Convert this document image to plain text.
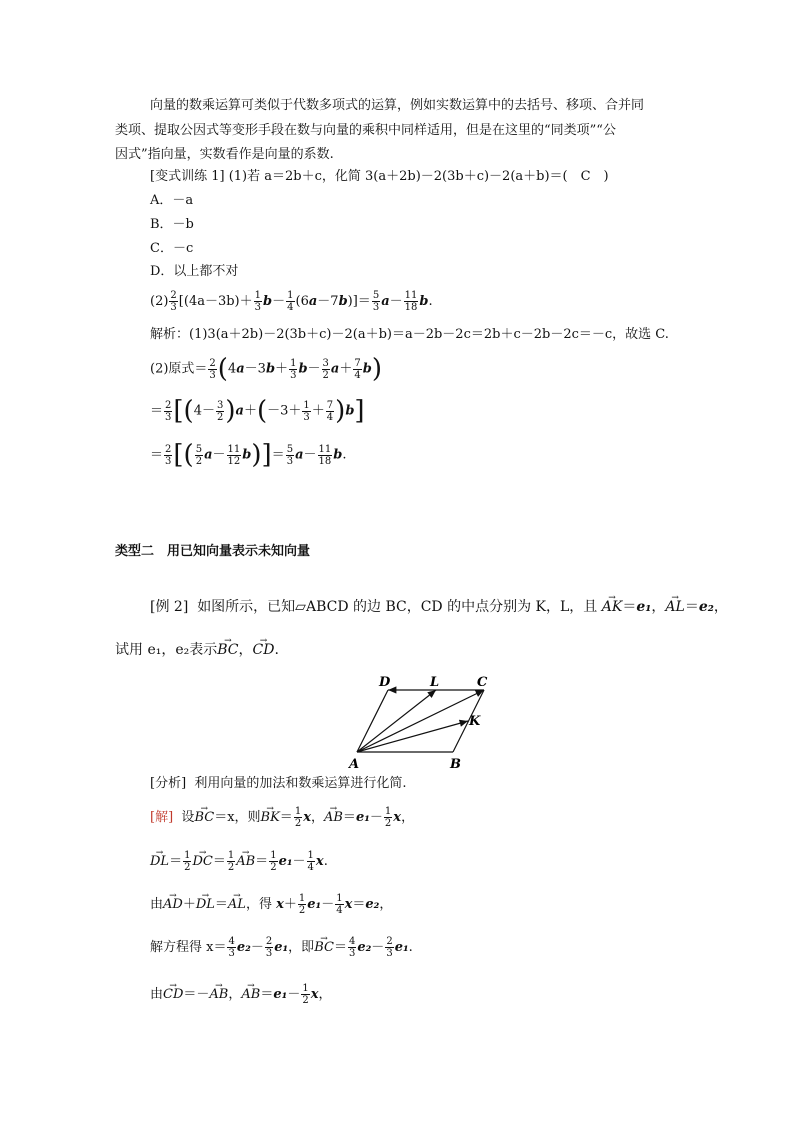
向量的数乘运算可类似于代数多项式的运算，例如实数运算中的去括号、移项、合并同
类项、提取公因式等变形手段在数与向量的乘积中同样适用，但是在这里的“同类项”“公
因式”指向量，实数看作是向量的系数.
[变式训练 1] (1)若 a＝2b＋c，化简 3(a＋2b)－2(3b＋c)－2(a＋b)＝(　C　)
A．－a
B．－b
C．－c
D．以上都不对
$(2) \frac{2}{3} [(4a-3b)+ \frac{1}{3} b- \frac{1}{4} (6a-7b)]= \frac{5}{3} a- \frac{11}{18} b$.
解析：(1)3(a＋2b)－2(3b＋c)－2(a＋b)＝a－2b－2c＝2b＋c－2b－2c＝－c，故选 C.
(2)原式＝ $\frac{2}{3} (4a-3b+ \frac{1}{3} b- \frac{3}{2} a+ \frac{7}{4} b)$
＝ $\frac{2}{3} [(4- \frac{3}{2} )a+(-3+ \frac{1}{3} + \frac{7}{4} )b]$
＝ $\frac{2}{3}$ [( $\frac{5}{2} a- \frac{11}{12} b)]= \frac{5}{3} a- \frac{11}{18} b$.
类型二　用已知向量表示未知向量
[例 2] 如图所示，已知▱ABCD 的边 BC，CD 的中点分别为 K，L，且 → AK＝e₁，→ AL＝e₂，
试用 e₁，e₂表示→ BC，→ CD.
A	B
C
D
K
L
[分析] 利用向量的加法和数乘运算进行化简.
[解] 设→ BC＝x，则→ $BK= \frac{1}{2}$ x，→ $AB=e_1- \frac{1}{2}$ x，
→ $DL= \frac{1}{2}$
→ $DC= \frac{1}{2}$
→ $AB= \frac{1}{2} e_1- \frac{1}{4} x$.
由→ AD＋→ DL＝→ AL，得 $x+ \frac{1}{2} e_1- \frac{1}{4} x=e_2$，
解方程得 $x= \frac{4}{3} e_2- \frac{2}{3} e_1$，即→ $BC= \frac{4}{3} e_2- \frac{2}{3} e_1$.
由→ CD＝－→ AB，→ $AB=e_1- \frac{1}{2}$ x，
